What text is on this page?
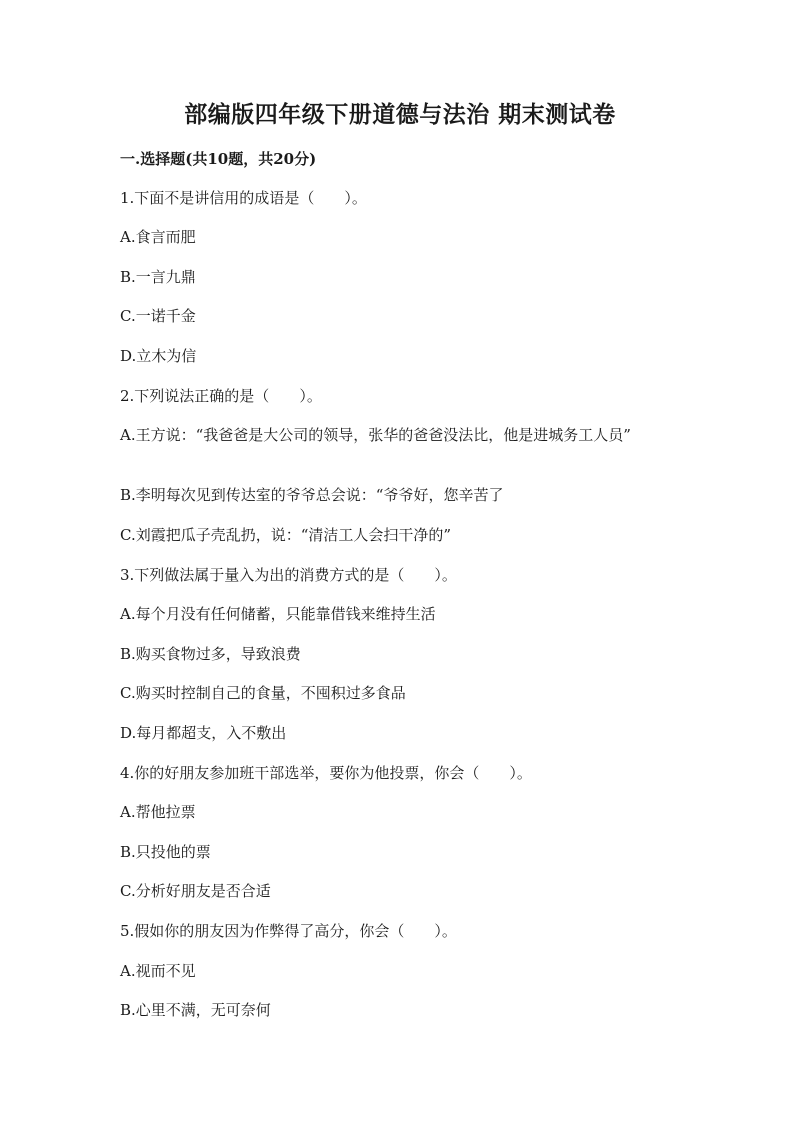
部编版四年级下册道德与法治 期末测试卷
一.选择题(共10题，共20分)
1.下面不是讲信用的成语是（　　）。
A.食言而肥
B.一言九鼎
C.一诺千金
D.立木为信
2.下列说法正确的是（　　）。
A.王方说：“我爸爸是大公司的领导，张华的爸爸没法比，他是进城务工人员”
B.李明每次见到传达室的爷爷总会说：“爷爷好，您辛苦了
C.刘霞把瓜子壳乱扔，说：“清洁工人会扫干净的”
3.下列做法属于量入为出的消费方式的是（　　）。
A.每个月没有任何储蓄，只能靠借钱来维持生活
B.购买食物过多，导致浪费
C.购买时控制自己的食量，不囤积过多食品
D.每月都超支，入不敷出
4.你的好朋友参加班干部选举，要你为他投票，你会（　　）。
A.帮他拉票
B.只投他的票
C.分析好朋友是否合适
5.假如你的朋友因为作弊得了高分，你会（　　）。
A.视而不见
B.心里不满，无可奈何
